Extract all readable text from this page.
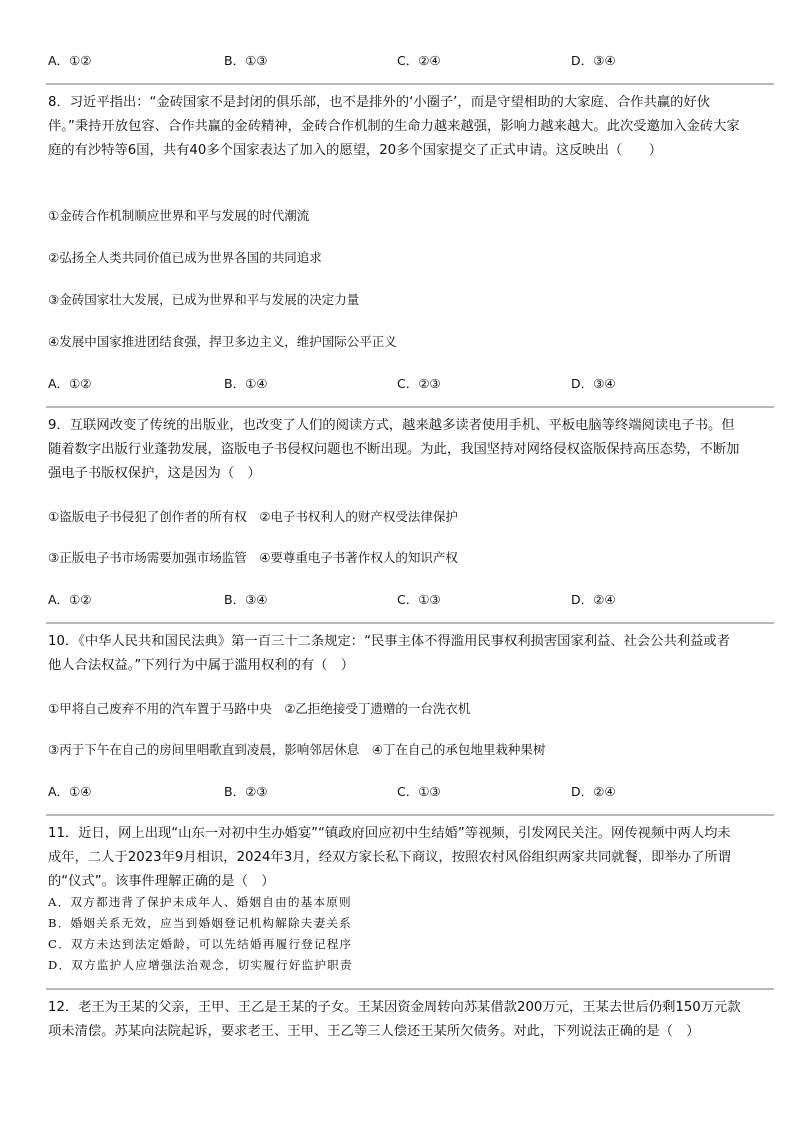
A．①②	B．①③	C．②④	D．③④
8．习近平指出：“金砖国家不是封闭的俱乐部，也不是排外的‘小圈子’，而是守望相助的大家庭、合作共赢的好伙伴。”秉持开放包容、合作共赢的金砖精神，金砖合作机制的生命力越来越强，影响力越来越大。此次受邀加入金砖大家庭的有沙特等6国，共有40多个国家表达了加入的愿望，20多个国家提交了正式申请。这反映出（　　）
①金砖合作机制顺应世界和平与发展的时代潮流
②弘扬全人类共同价值已成为世界各国的共同追求
③金砖国家壮大发展，已成为世界和平与发展的决定力量
④发展中国家推进团结食强，捍卫多边主义，维护国际公平正义
A．①②	B．①④	C．②③	D．③④
9．互联网改变了传统的出版业，也改变了人们的阅读方式，越来越多读者使用手机、平板电脑等终端阅读电子书。但随着数字出版行业蓬勃发展，盗版电子书侵权问题也不断出现。为此，我国坚持对网络侵权盗版保持高压态势，不断加强电子书版权保护，这是因为（　）
①盗版电子书侵犯了创作者的所有权　②电子书权利人的财产权受法律保护
③正版电子书市场需要加强市场监管　④要尊重电子书著作权人的知识产权
A．①②	B．③④	C．①③	D．②④
10．《中华人民共和国民法典》第一百三十二条规定：“民事主体不得滥用民事权利损害国家利益、社会公共利益或者他人合法权益。”下列行为中属于滥用权利的有（　）
①甲将自己废弃不用的汽车置于马路中央　②乙拒绝接受丁遗赠的一台洗衣机
③丙于下午在自己的房间里唱歌直到凌晨，影响邻居休息　④丁在自己的承包地里栽种果树
A．①④	B．②③	C．①③	D．②④
11．近日，网上出现“山东一对初中生办婚宴”“镇政府回应初中生结婚”等视频，引发网民关注。网传视频中两人均未成年，二人于2023年9月相识，2024年3月，经双方家长私下商议，按照农村风俗组织两家共同就餐，即举办了所谓的“仪式”。该事件理解正确的是（　）
A．双方都违背了保护未成年人、婚姻自由的基本原则
B．婚姻关系无效，应当到婚姻登记机构解除夫妻关系
C．双方未达到法定婚龄，可以先结婚再履行登记程序
D．双方监护人应增强法治观念，切实履行好监护职责
12．老王为王某的父亲，王甲、王乙是王某的子女。王某因资金周转向苏某借款200万元，王某去世后仍剩150万元款项未清偿。苏某向法院起诉，要求老王、王甲、王乙等三人偿还王某所欠债务。对此，下列说法正确的是（　）
